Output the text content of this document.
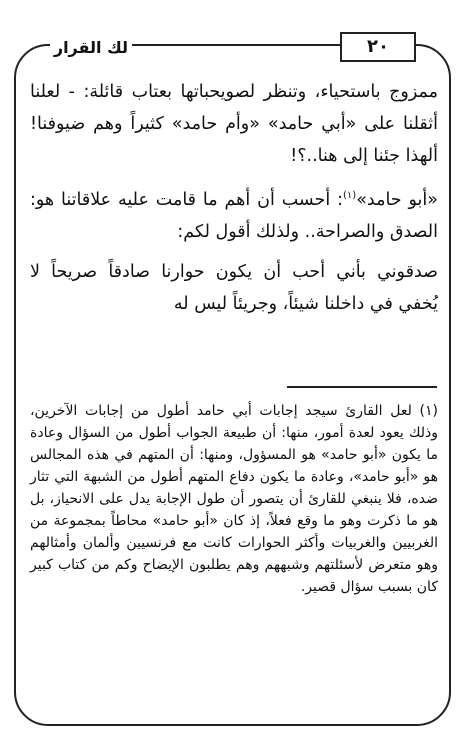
لك القرار	٢٠

ممزوج باستحياء، وتنظر لصويحباتها بعتاب قائلة: - لعلنا أثقلنا على «أبي حامد» «وأم حامد» كثيراً وهم ضيوفنا! ألهذا جئنا إلى هنا..؟!

«أبو حامد»$^{(١)}$: أحسب أن أهم ما قامت عليه علاقاتنا هو: الصدق والصراحة.. ولذلك أقول لكم:

صدقوني بأني أحب أن يكون حوارنا صادقاً صريحاً لا يُخفي في داخلنا شيئاً، وجريئاً ليس له

(١) لعل القارئ سيجد إجابات أبي حامد أطول من إجابات الآخرين، وذلك يعود لعدة أمور، منها: أن طبيعة الجواب أطول من السؤال وعادة ما يكون «أبو حامد» هو المسؤول، ومنها: أن المتهم في هذه المجالس هو «أبو حامد»، وعادة ما يكون دفاع المتهم أطول من الشبهة التي تثار ضده، فلا ينبغي للقارئ أن يتصور أن طول الإجابة يدل على الانحياز، بل هو ما ذكرت وهو ما وقع فعلاً، إذ كان «أبو حامد» محاطاً بمجموعة من الغربيين والغربيات وأكثر الحوارات كانت مع فرنسيين وألمان وأمثالهم وهو متعرض لأسئلتهم وشبههم وهم يطلبون الإيضاح وكم من كتاب كبير كان بسبب سؤال قصير.
